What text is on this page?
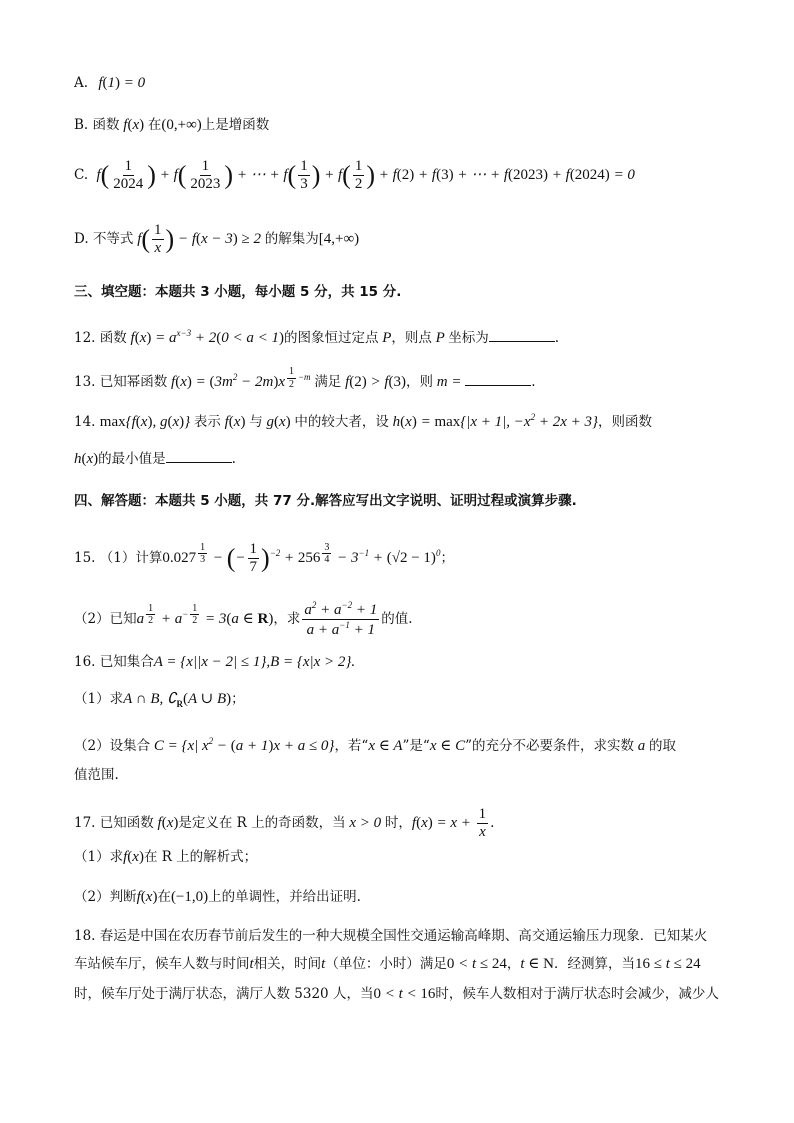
A. f(1) = 0
B. 函数 f(x) 在(0,+∞)上是增函数
C. $f( \frac{1}{2024}$ ) + $f( \frac{1}{2023}$ ) + ⋯ + $f( \frac{1}{3}$ ) + $f( \frac{1}{2}$ ) + f(2) + f(3) + ⋯ + f(2023) + f(2024) = 0
D. 不等式 $f( \frac{1}{x}$ ) − f(x − 3) ≥ 2 的解集为[4,+∞)
三、填空题：本题共 3 小题，每小题 5 分，共 15 分.
12. 函数 $f(x) = a^{x-3} + 2(0 < a < 1)$的图象恒过定点 P，则点 P 坐标为	.
13. 已知幂函数 $f(x) = (3m^2 - 2m)x$ $^{\frac{1}{2} -m}$ 满足 f(2) > f(3)，则 m =	.
14. max{f(x), g(x)} 表示 f(x) 与 g(x) 中的较大者，设 h(x) = max{|x + 1|, $-x^2 + 2x + 3$}，则函数
h(x)的最小值是	.
四、解答题：本题共 5 小题，共 77 分.解答应写出文字说明、证明过程或演算步骤.
15. （1）计算0.027 $^{\frac{1}{3}}$ − (− $\frac{1}{7} )^{-2} + 256$ $^{\frac{3}{4}} - 3^{-1} + (√2 - 1)^0$；
（2）已知a $^{\frac{1}{2}} + a^{- \frac{1}{2}} = 3(a$ ∈ R)，求 $\frac{a^2 + a^{-2} + 1}{a + a^{-1} + 1}$ 的值.
16. 已知集合A = {x||x − 2| ≤ 1},B = {x|x > 2}.
（1）求A ∩ B, $∁_R(A$ ∪ B)；
（2）设集合 C = {x| $x^2 - (a + 1)x + a \le 0$}，若“x ∈ A”是“x ∈ C”的充分不必要条件，求实数 a 的取
值范围.
17. 已知函数 f(x)是定义在 R 上的奇函数，当 x > 0 时，$f(x) = x + \frac{1}{x}$ .
（1）求f(x)在 R 上的解析式；
（2）判断f(x)在(−1,0)上的单调性，并给出证明.
18. 春运是中国在农历春节前后发生的一种大规模全国性交通运输高峰期、高交通运输压力现象．已知某火
车站候车厅，候车人数与时间t相关，时间t（单位：小时）满足0 < t ≤ 24，t ∈ N．经测算，当16 ≤ t ≤ 24
时，候车厅处于满厅状态，满厅人数 5320 人，当0 < t < 16时，候车人数相对于满厅状态时会减少，减少人
